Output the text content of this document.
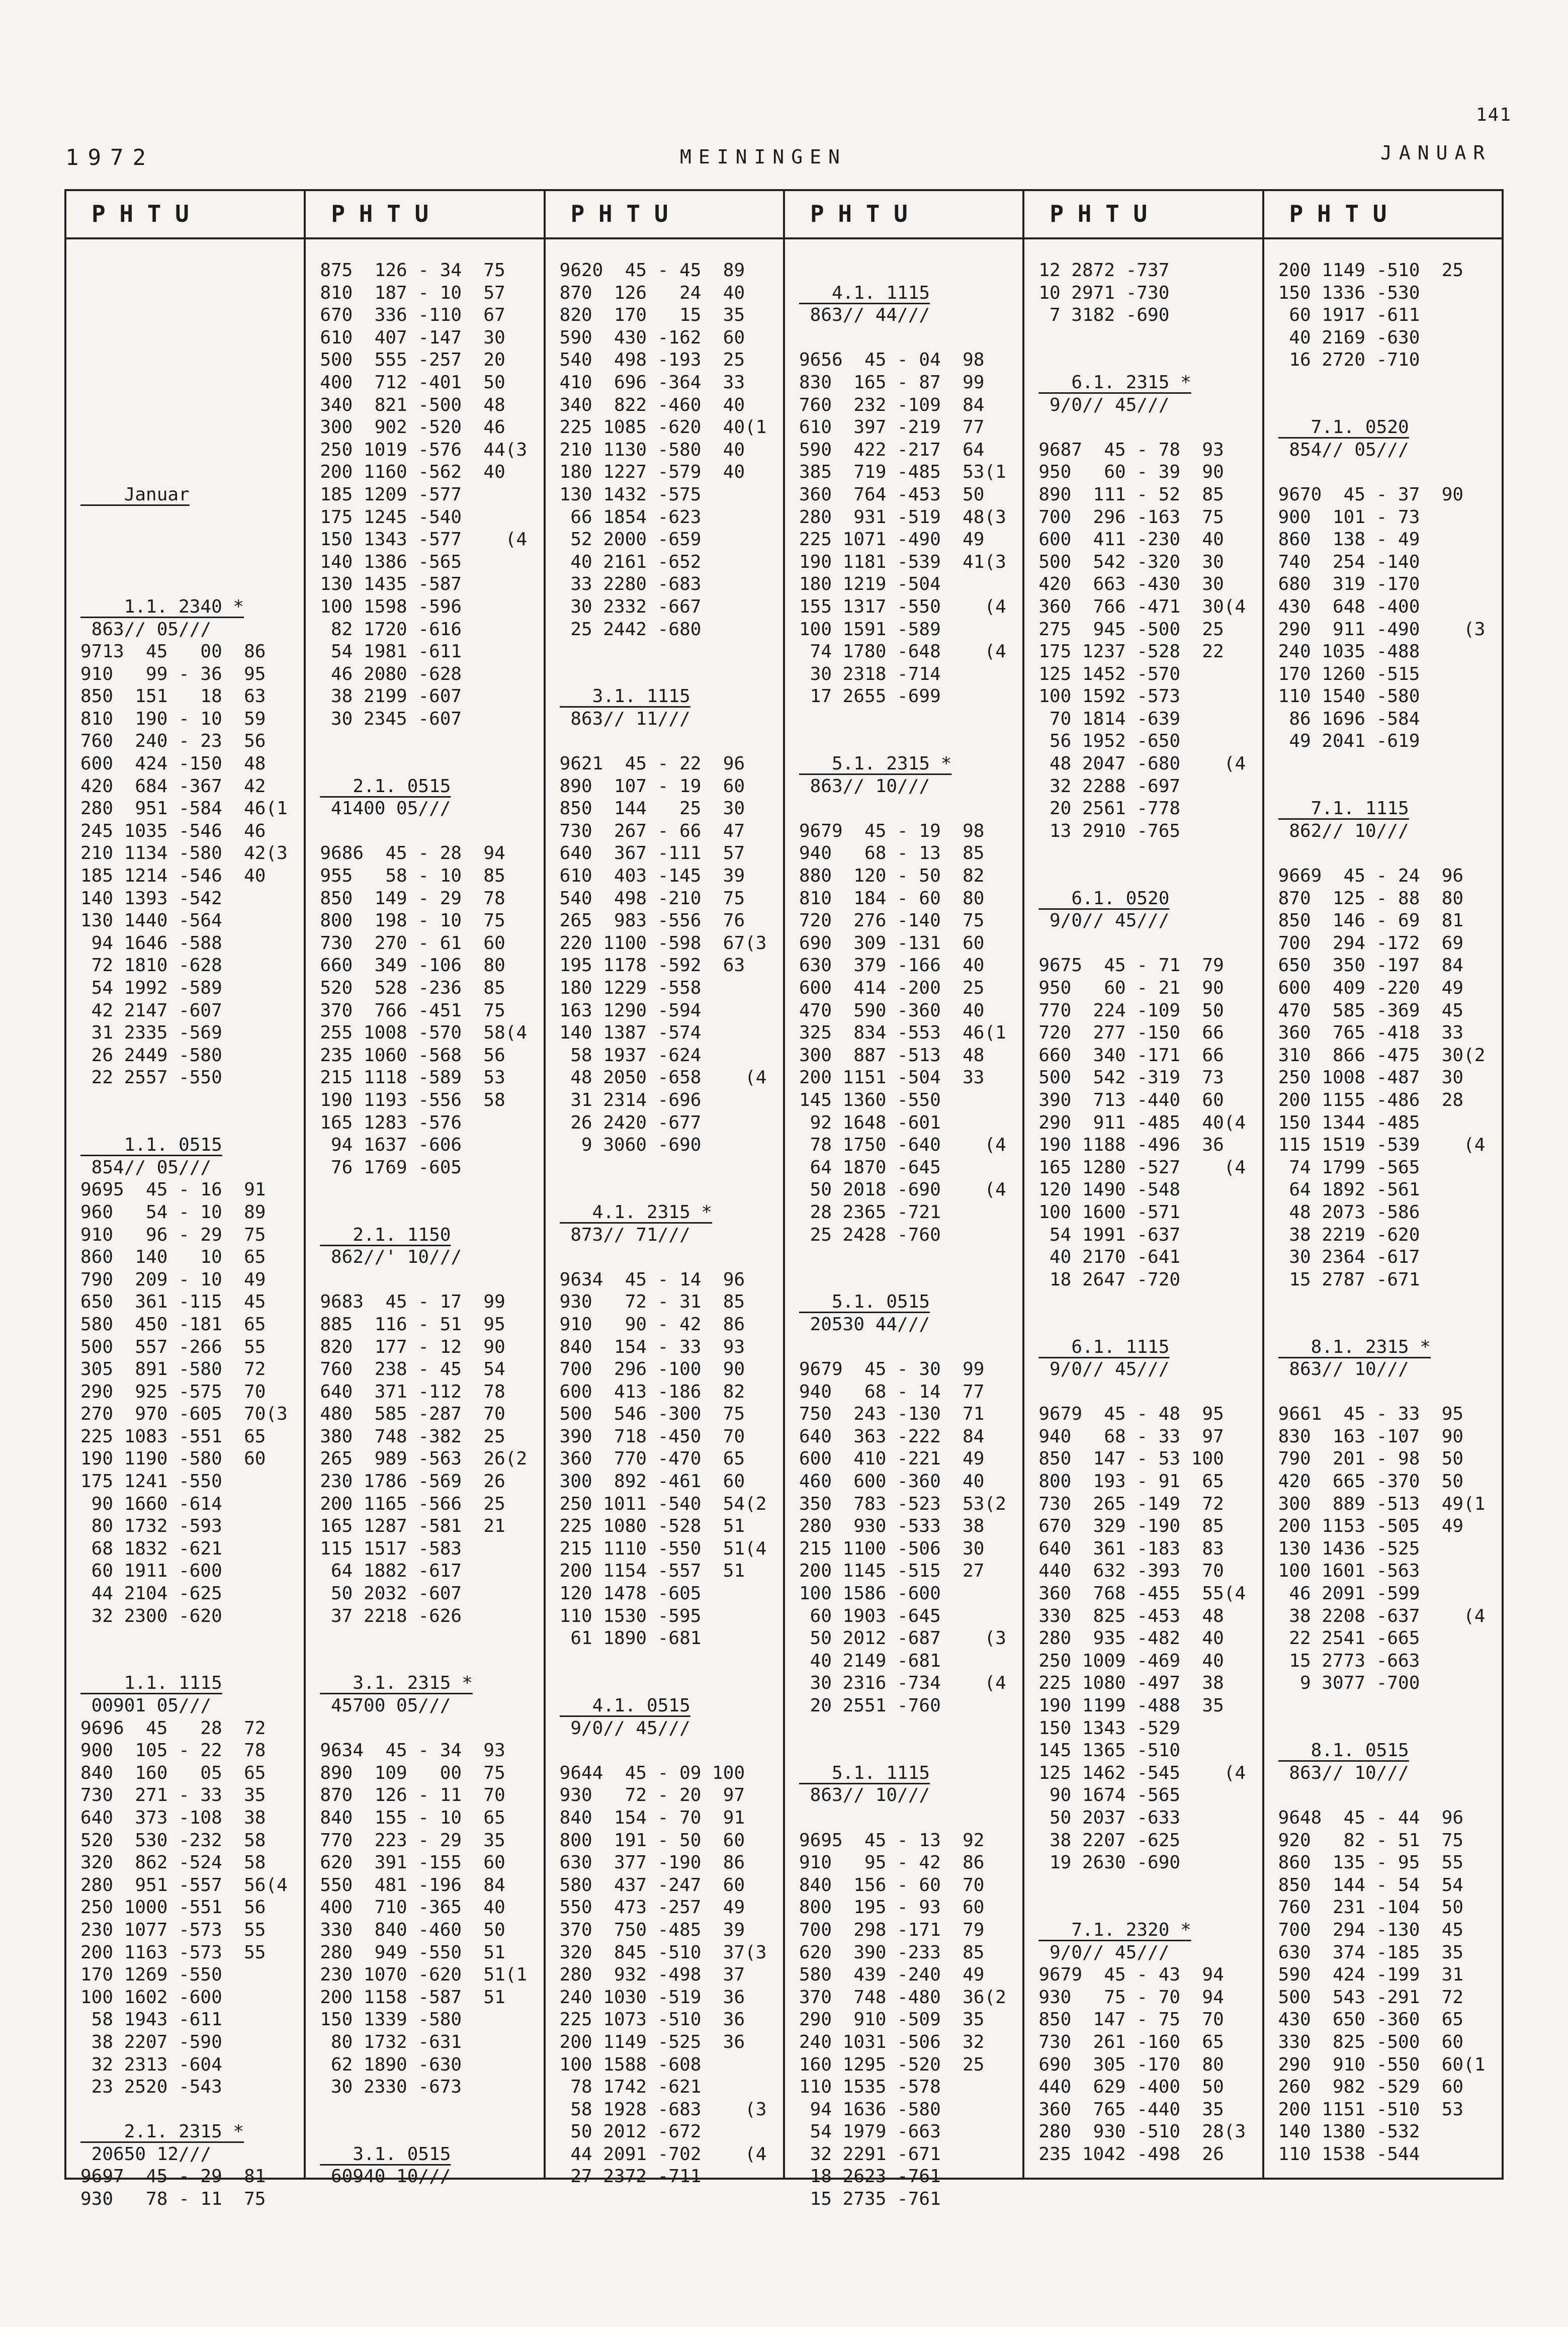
141
1972	MEININGEN	JANUAR
P H T U
Januar
1.1. 2340 *
863// 05///
9713  45   00  86
910   99 - 36  95
850  151   18  63
810  190 - 10  59
760  240 - 23  56
600  424 -150  48
420  684 -367  42
280  951 -584  46(1
245 1035 -546  46
210 1134 -580  42(3
185 1214 -546  40
140 1393 -542
130 1440 -564
94 1646 -588
72 1810 -628
54 1992 -589
42 2147 -607
31 2335 -569
26 2449 -580
22 2557 -550
1.1. 0515
854// 05///
9695  45 - 16  91
960   54 - 10  89
910   96 - 29  75
860  140   10  65
790  209 - 10  49
650  361 -115  45
580  450 -181  65
500  557 -266  55
305  891 -580  72
290  925 -575  70
270  970 -605  70(3
225 1083 -551  65
190 1190 -580  60
175 1241 -550
90 1660 -614
80 1732 -593
68 1832 -621
60 1911 -600
44 2104 -625
32 2300 -620
1.1. 1115
00901 05///
9696  45   28  72
900  105 - 22  78
840  160   05  65
730  271 - 33  35
640  373 -108  38
520  530 -232  58
320  862 -524  58
280  951 -557  56(4
250 1000 -551  56
230 1077 -573  55
200 1163 -573  55
170 1269 -550
100 1602 -600
58 1943 -611
38 2207 -590
32 2313 -604
23 2520 -543
2.1. 2315 *
20650 12///
9697  45 - 29  81
930   78 - 11  75
P H T U
875  126 - 34  75
810  187 - 10  57
670  336 -110  67
610  407 -147  30
500  555 -257  20
400  712 -401  50
340  821 -500  48
300  902 -520  46
250 1019 -576  44(3
200 1160 -562  40
185 1209 -577
175 1245 -540
150 1343 -577    (4
140 1386 -565
130 1435 -587
100 1598 -596
82 1720 -616
54 1981 -611
46 2080 -628
38 2199 -607
30 2345 -607
2.1. 0515
41400 05///
9686  45 - 28  94
955   58 - 10  85
850  149 - 29  78
800  198 - 10  75
730  270 - 61  60
660  349 -106  80
520  528 -236  85
370  766 -451  75
255 1008 -570  58(4
235 1060 -568  56
215 1118 -589  53
190 1193 -556  58
165 1283 -576
94 1637 -606
76 1769 -605
2.1. 1150
862//' 10///
9683  45 - 17  99
885  116 - 51  95
820  177 - 12  90
760  238 - 45  54
640  371 -112  78
480  585 -287  70
380  748 -382  25
265  989 -563  26(2
230 1786 -569  26
200 1165 -566  25
165 1287 -581  21
115 1517 -583
64 1882 -617
50 2032 -607
37 2218 -626
3.1. 2315 *
45700 05///
9634  45 - 34  93
890  109   00  75
870  126 - 11  70
840  155 - 10  65
770  223 - 29  35
620  391 -155  60
550  481 -196  84
400  710 -365  40
330  840 -460  50
280  949 -550  51
230 1070 -620  51(1
200 1158 -587  51
150 1339 -580
80 1732 -631
62 1890 -630
30 2330 -673
3.1. 0515
60940 10///
P H T U
9620  45 - 45  89
870  126   24  40
820  170   15  35
590  430 -162  60
540  498 -193  25
410  696 -364  33
340  822 -460  40
225 1085 -620  40(1
210 1130 -580  40
180 1227 -579  40
130 1432 -575
66 1854 -623
52 2000 -659
40 2161 -652
33 2280 -683
30 2332 -667
25 2442 -680
3.1. 1115
863// 11///
9621  45 - 22  96
890  107 - 19  60
850  144   25  30
730  267 - 66  47
640  367 -111  57
610  403 -145  39
540  498 -210  75
265  983 -556  76
220 1100 -598  67(3
195 1178 -592  63
180 1229 -558
163 1290 -594
140 1387 -574
58 1937 -624
48 2050 -658    (4
31 2314 -696
26 2420 -677
9 3060 -690
4.1. 2315 *
873// 71///
9634  45 - 14  96
930   72 - 31  85
910   90 - 42  86
840  154 - 33  93
700  296 -100  90
600  413 -186  82
500  546 -300  75
390  718 -450  70
360  770 -470  65
300  892 -461  60
250 1011 -540  54(2
225 1080 -528  51
215 1110 -550  51(4
200 1154 -557  51
120 1478 -605
110 1530 -595
61 1890 -681
4.1. 0515
9/0// 45///
9644  45 - 09 100
930   72 - 20  97
840  154 - 70  91
800  191 - 50  60
630  377 -190  86
580  437 -247  60
550  473 -257  49
370  750 -485  39
320  845 -510  37(3
280  932 -498  37
240 1030 -519  36
225 1073 -510  36
200 1149 -525  36
100 1588 -608
78 1742 -621
58 1928 -683    (3
50 2012 -672
44 2091 -702    (4
27 2372 -711
P H T U
4.1. 1115
863// 44///
9656  45 - 04  98
830  165 - 87  99
760  232 -109  84
610  397 -219  77
590  422 -217  64
385  719 -485  53(1
360  764 -453  50
280  931 -519  48(3
225 1071 -490  49
190 1181 -539  41(3
180 1219 -504
155 1317 -550    (4
100 1591 -589
74 1780 -648    (4
30 2318 -714
17 2655 -699
5.1. 2315 *
863// 10///
9679  45 - 19  98
940   68 - 13  85
880  120 - 50  82
810  184 - 60  80
720  276 -140  75
690  309 -131  60
630  379 -166  40
600  414 -200  25
470  590 -360  40
325  834 -553  46(1
300  887 -513  48
200 1151 -504  33
145 1360 -550
92 1648 -601
78 1750 -640    (4
64 1870 -645
50 2018 -690    (4
28 2365 -721
25 2428 -760
5.1. 0515
20530 44///
9679  45 - 30  99
940   68 - 14  77
750  243 -130  71
640  363 -222  84
600  410 -221  49
460  600 -360  40
350  783 -523  53(2
280  930 -533  38
215 1100 -506  30
200 1145 -515  27
100 1586 -600
60 1903 -645
50 2012 -687    (3
40 2149 -681
30 2316 -734    (4
20 2551 -760
5.1. 1115
863// 10///
9695  45 - 13  92
910   95 - 42  86
840  156 - 60  70
800  195 - 93  60
700  298 -171  79
620  390 -233  85
580  439 -240  49
370  748 -480  36(2
290  910 -509  35
240 1031 -506  32
160 1295 -520  25
110 1535 -578
94 1636 -580
54 1979 -663
32 2291 -671
18 2623 -761
15 2735 -761
P H T U
12 2872 -737
10 2971 -730
7 3182 -690
6.1. 2315 *
9/0// 45///
9687  45 - 78  93
950   60 - 39  90
890  111 - 52  85
700  296 -163  75
600  411 -230  40
500  542 -320  30
420  663 -430  30
360  766 -471  30(4
275  945 -500  25
175 1237 -528  22
125 1452 -570
100 1592 -573
70 1814 -639
56 1952 -650
48 2047 -680    (4
32 2288 -697
20 2561 -778
13 2910 -765
6.1. 0520
9/0// 45///
9675  45 - 71  79
950   60 - 21  90
770  224 -109  50
720  277 -150  66
660  340 -171  66
500  542 -319  73
390  713 -440  60
290  911 -485  40(4
190 1188 -496  36
165 1280 -527    (4
120 1490 -548
100 1600 -571
54 1991 -637
40 2170 -641
18 2647 -720
6.1. 1115
9/0// 45///
9679  45 - 48  95
940   68 - 33  97
850  147 - 53 100
800  193 - 91  65
730  265 -149  72
670  329 -190  85
640  361 -183  83
440  632 -393  70
360  768 -455  55(4
330  825 -453  48
280  935 -482  40
250 1009 -469  40
225 1080 -497  38
190 1199 -488  35
150 1343 -529
145 1365 -510
125 1462 -545    (4
90 1674 -565
50 2037 -633
38 2207 -625
19 2630 -690
7.1. 2320 *
9/0// 45///
9679  45 - 43  94
930   75 - 70  94
850  147 - 75  70
730  261 -160  65
690  305 -170  80
440  629 -400  50
360  765 -440  35
280  930 -510  28(3
235 1042 -498  26
P H T U
200 1149 -510  25
150 1336 -530
60 1917 -611
40 2169 -630
16 2720 -710
7.1. 0520
854// 05///
9670  45 - 37  90
900  101 - 73
860  138 - 49
740  254 -140
680  319 -170
430  648 -400
290  911 -490    (3
240 1035 -488
170 1260 -515
110 1540 -580
86 1696 -584
49 2041 -619
7.1. 1115
862// 10///
9669  45 - 24  96
870  125 - 88  80
850  146 - 69  81
700  294 -172  69
650  350 -197  84
600  409 -220  49
470  585 -369  45
360  765 -418  33
310  866 -475  30(2
250 1008 -487  30
200 1155 -486  28
150 1344 -485
115 1519 -539    (4
74 1799 -565
64 1892 -561
48 2073 -586
38 2219 -620
30 2364 -617
15 2787 -671
8.1. 2315 *
863// 10///
9661  45 - 33  95
830  163 -107  90
790  201 - 98  50
420  665 -370  50
300  889 -513  49(1
200 1153 -505  49
130 1436 -525
100 1601 -563
46 2091 -599
38 2208 -637    (4
22 2541 -665
15 2773 -663
9 3077 -700
8.1. 0515
863// 10///
9648  45 - 44  96
920   82 - 51  75
860  135 - 95  55
850  144 - 54  54
760  231 -104  50
700  294 -130  45
630  374 -185  35
590  424 -199  31
500  543 -291  72
430  650 -360  65
330  825 -500  60
290  910 -550  60(1
260  982 -529  60
200 1151 -510  53
140 1380 -532
110 1538 -544
